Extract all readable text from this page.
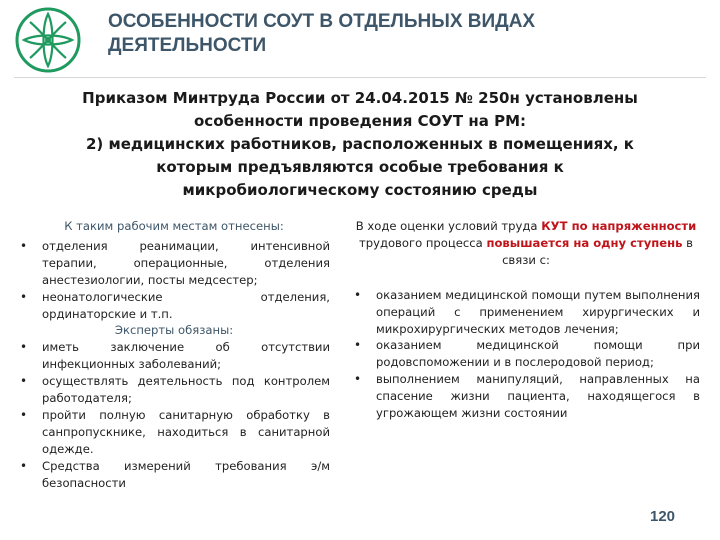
ОСОБЕННОСТИ СОУТ В ОТДЕЛЬНЫХ ВИДАХ
ДЕЯТЕЛЬНОСТИ
Приказом Минтруда России от 24.04.2015 № 250н установлены
особенности проведения СОУТ на РМ:
2) медицинских работников, расположенных в помещениях, к
которым предъявляются особые требования к
микробиологическому состоянию среды
К таким рабочим местам отнесены:
• отделения реанимации, интенсивной терапии, операционные, отделения анестезиологии, посты медсестер;
• неонатологические отделения, ординаторские и т.п.
Эксперты обязаны:
• иметь заключение об отсутствии инфекционных заболеваний;
• осуществлять деятельность под контролем работодателя;
• пройти полную санитарную обработку в санпропускнике, находиться в санитарной одежде.
• Средства измерений требования э/м безопасности
В ходе оценки условий труда КУТ по напряженности трудового процесса повышается на одну ступень в связи с:
• оказанием медицинской помощи путем выполнения операций с применением хирургических и микрохирургических методов лечения;
• оказанием медицинской помощи при родовспоможении и в послеродовой период;
• выполнением манипуляций, направленных на спасение жизни пациента, находящегося в угрожающем жизни состоянии
120
